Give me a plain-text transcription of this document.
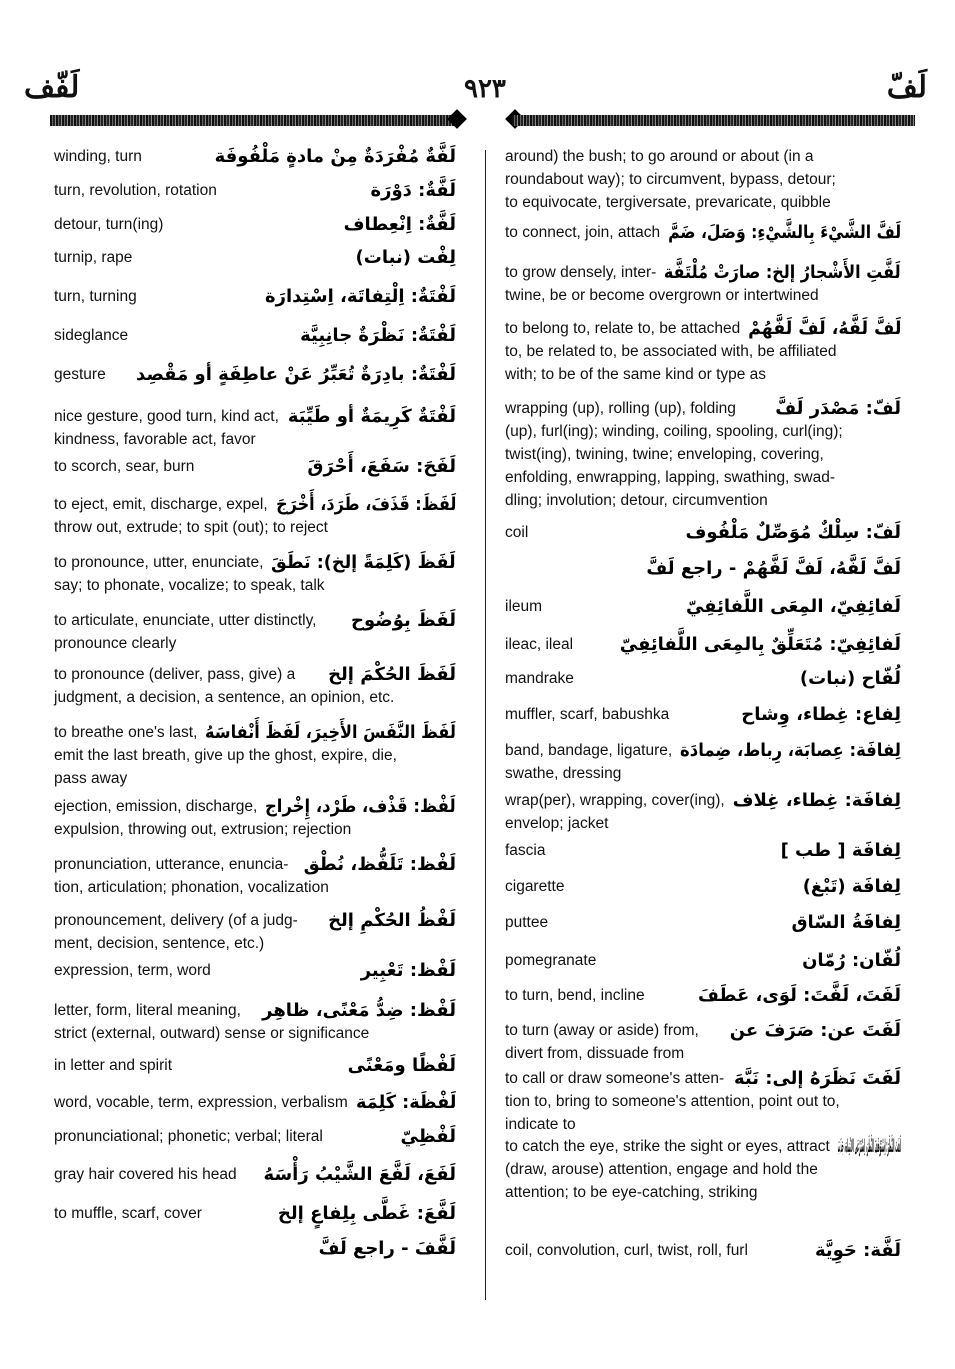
لَفّف	٩٢٣	لَفّ
لَفَّةٌ مُفْرَدَةٌ مِنْ مادةٍ مَلْفُوفَة
winding, turn
لَفَّةٌ: دَوْرَة
turn, revolution, rotation
لَفَّةٌ: اِنْعِطاف
detour, turn(ing)
لِفْت (نبات)
turnip, rape
لَفْتَةٌ: اِلْتِفاتَة، اِسْتِدارَة
turn, turning
لَفْتَةٌ: نَظْرَةٌ جانِبِيَّة
sideglance
لَفْتَةٌ: بادِرَةٌ تُعَبِّرُ عَنْ عاطِفَةٍ أو مَقْصِد
gesture
لَفْتَةٌ كَرِيمَةٌ أو طَيِّبَة
nice gesture, good turn, kind act,
kindness, favorable act, favor
لَفَحَ: سَفَعَ، أَحْرَقَ
to scorch, sear, burn
لَفَظَ: قَذَفَ، طَرَدَ، أَخْرَجَ
to eject, emit, discharge, expel,
throw out, extrude; to spit (out); to reject
لَفَظَ (كَلِمَةً إلخ): نَطَقَ
to pronounce, utter, enunciate,
say; to phonate, vocalize; to speak, talk
لَفَظَ بِوُضُوح
to articulate, enunciate, utter distinctly,
pronounce clearly
لَفَظَ الحُكْمَ إلخ
to pronounce (deliver, pass, give) a
judgment, a decision, a sentence, an opinion, etc.
لَفَظَ النَّفَسَ الأَخِيرَ، لَفَظَ أَنْفاسَهُ
to breathe one's last,
emit the last breath, give up the ghost, expire, die,
pass away
لَفْظ: قَذْف، طَرْد، إِخْراج
ejection, emission, discharge,
expulsion, throwing out, extrusion; rejection
لَفْظ: تَلَفُّظ، نُطْق
pronunciation, utterance, enuncia-
tion, articulation; phonation, vocalization
لَفْظُ الحُكْمِ إلخ
pronouncement, delivery (of a judg-
ment, decision, sentence, etc.)
لَفْظ: تَعْبِير
expression, term, word
لَفْظ: ضِدُّ مَعْنًى، ظاهِر
letter, form, literal meaning,
strict (external, outward) sense or significance
لَفْظًا ومَعْنًى
in letter and spirit
لَفْظَة: كَلِمَة
word, vocable, term, expression, verbalism
لَفْظِيّ
pronunciational; phonetic; verbal; literal
لَفَعَ، لَفَّعَ الشَّيْبُ رَأْسَهُ
gray hair covered his head
لَفَّعَ: غَطَّى بِلِفاعٍ إلخ
to muffle, scarf, cover
لَفَّفَ - راجع لَفَّ
around) the bush; to go around or about (in a
roundabout way); to circumvent, bypass, detour;
to equivocate, tergiversate, prevaricate, quibble
لَفَّ الشَّيْءَ بِالشَّيْءِ: وَصَلَ، ضَمَّ
to connect, join, attach
لَفَّتِ الأَشْجارُ إلخ: صارَتْ مُلْتَفَّة
to grow densely, inter-
twine, be or become overgrown or intertwined
لَفَّ لَفَّهُ، لَفَّ لَفَّهُمْ
to belong to, relate to, be attached
to, be related to, be associated with, be affiliated
with; to be of the same kind or type as
لَفّ: مَصْدَر لَفَّ
wrapping (up), rolling (up), folding
(up), furl(ing); winding, coiling, spooling, curl(ing);
twist(ing), twining, twine; enveloping, covering,
enfolding, enwrapping, lapping, swathing, swad-
dling; involution; detour, circumvention
لَفّ: سِلْكٌ مُوَصِّلٌ مَلْفُوف
coil
لَفَّ لَفَّهُ، لَفَّ لَفَّهُمْ - راجع لَفَّ
لَفائِفِيّ، المِعَى اللَّفائِفِيّ
ileum
لَفائِفِيّ: مُتَعَلِّقٌ بِالمِعَى اللَّفائِفِيّ
ileac, ileal
لُفّاح (نبات)
mandrake
لِفاع: غِطاء، وِشاح
muffler, scarf, babushka
لِفافَة: عِصابَة، رِباط، ضِمادَة
band, bandage, ligature,
swathe, dressing
لِفافَة: غِطاء، غِلاف
wrap(per), wrapping, cover(ing),
envelop; jacket
لِفافَة [ طب ]
fascia
لِفافَة (تَبْغ)
cigarette
لِفافَةُ السّاق
puttee
لُفّان: رُمّان
pomegranate
لَفَتَ، لَفَّتَ: لَوَى، عَطَفَ
to turn, bend, incline
لَفَتَ عن: صَرَفَ عن
to turn (away or aside) from,
divert from, dissuade from
لَفَتَ نَظَرَهُ إلى: نَبَّهَ
to call or draw someone's atten-
tion to, bring to someone's attention, point out to,
indicate to
لَفَتَ النَّظَرَ: اِسْتَوْقَفَ النَّظَرَ، اِسْتَرْعَى الانْتِباهَ، جَذَبَ
to catch the eye, strike the sight or eyes, attract
(draw, arouse) attention, engage and hold the
attention; to be eye-catching, striking
لَفَّة: حَوِيَّة
coil, convolution, curl, twist, roll, furl
